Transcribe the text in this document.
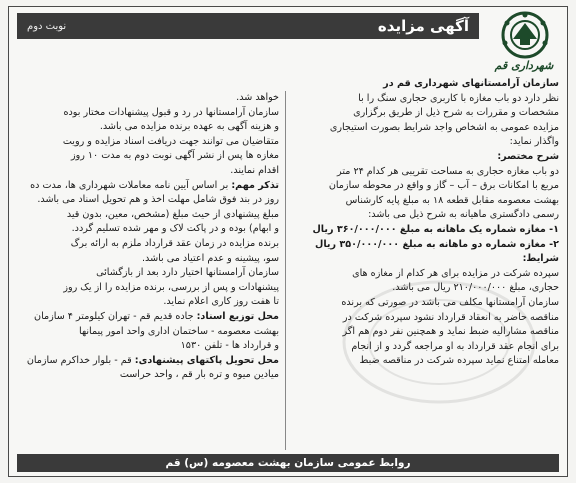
آگهی مزایده
نوبت دوم
شهرداری قم
سازمان آرامستانهای شهرداری قم در
نظر دارد دو باب مغازه با کاربری حجاری سنگ را با
مشخصات و مقررات به شرح ذیل از طریق برگزاری
مزایده عمومی به اشخاص واجد شرایط بصورت استیجاری
واگذار نماید:
شرح مختصر:
دو باب مغازه حجاری به مساحت تقریبی هر کدام ۲۴ متر
مربع با امکانات برق – آب – گاز و واقع در محوطه سازمان
بهشت معصومه مقابل قطعه ۱۸ به مبلغ پایه کارشناس
رسمی دادگستری ماهیانه به شرح ذیل می باشد:
۱- مغازه شماره یک ماهانه به مبلغ ۳۶۰/۰۰۰/۰۰۰ ریال
۲- مغازه شماره دو ماهانه به مبلغ ۳۵۰/۰۰۰/۰۰۰ ریال
شرایط:
سپرده شرکت در مزایده برای هر کدام از مغازه های
حجاری، مبلغ ۲۱۰/۰۰۰/۰۰۰ ریال می باشد.
سازمان آرامستانها مکلف می باشد در صورتی که برنده
مناقصه حاضر به انعقاد قرارداد نشود سپرده شرکت در
مناقصه مشارالیه ضبط نماید و همچنین نفر دوم هم اگر
برای انجام عقد قرارداد به او مراجعه گردد و از انجام
معامله امتناع نماید سپرده شرکت در مناقصه ضبط
خواهد شد.
سازمان آرامستانها در رد و قبول پیشنهادات مختار بوده
و هزینه آگهی به عهده برنده مزایده می باشد.
متقاضیان می توانند جهت دریافت اسناد مزایده و رویت
مغازه ها پس از نشر آگهی نوبت دوم به مدت ۱۰ روز
اقدام نمایند.
تذکر مهم: بر اساس آیین نامه معاملات شهرداری ها، مدت ده
روز در بند فوق شامل مهلت اخذ و هم تحویل اسناد می باشد.
مبلغ پیشنهادی از حیث مبلغ (مشخص، معین، بدون قید
و ابهام) بوده و در پاکت لاک و مهر شده تسلیم گردد.
برنده مزایده در زمان عقد قرارداد ملزم به ارائه برگ
سو، پیشینه و عدم اعتیاد می باشد.
سازمان آرامستانها اختیار دارد بعد از بازگشائی
پیشنهادات و پس از بررسی، برنده مزایده را از یک روز
تا هفت روز کاری اعلام نماید.
محل توزیع اسناد: جاده قدیم قم - تهران کیلومتر ۴ سازمان
بهشت معصومه - ساختمان اداری واحد امور پیمانها
و قرارداد ها - تلفن ۱۵۳۰
محل تحویل پاکتهای پیشنهادی: قم - بلوار خداکرم سازمان
میادین میوه و تره بار قم ، واحد حراست
روابط عمومی سازمان بهشت معصومه (س) قم
